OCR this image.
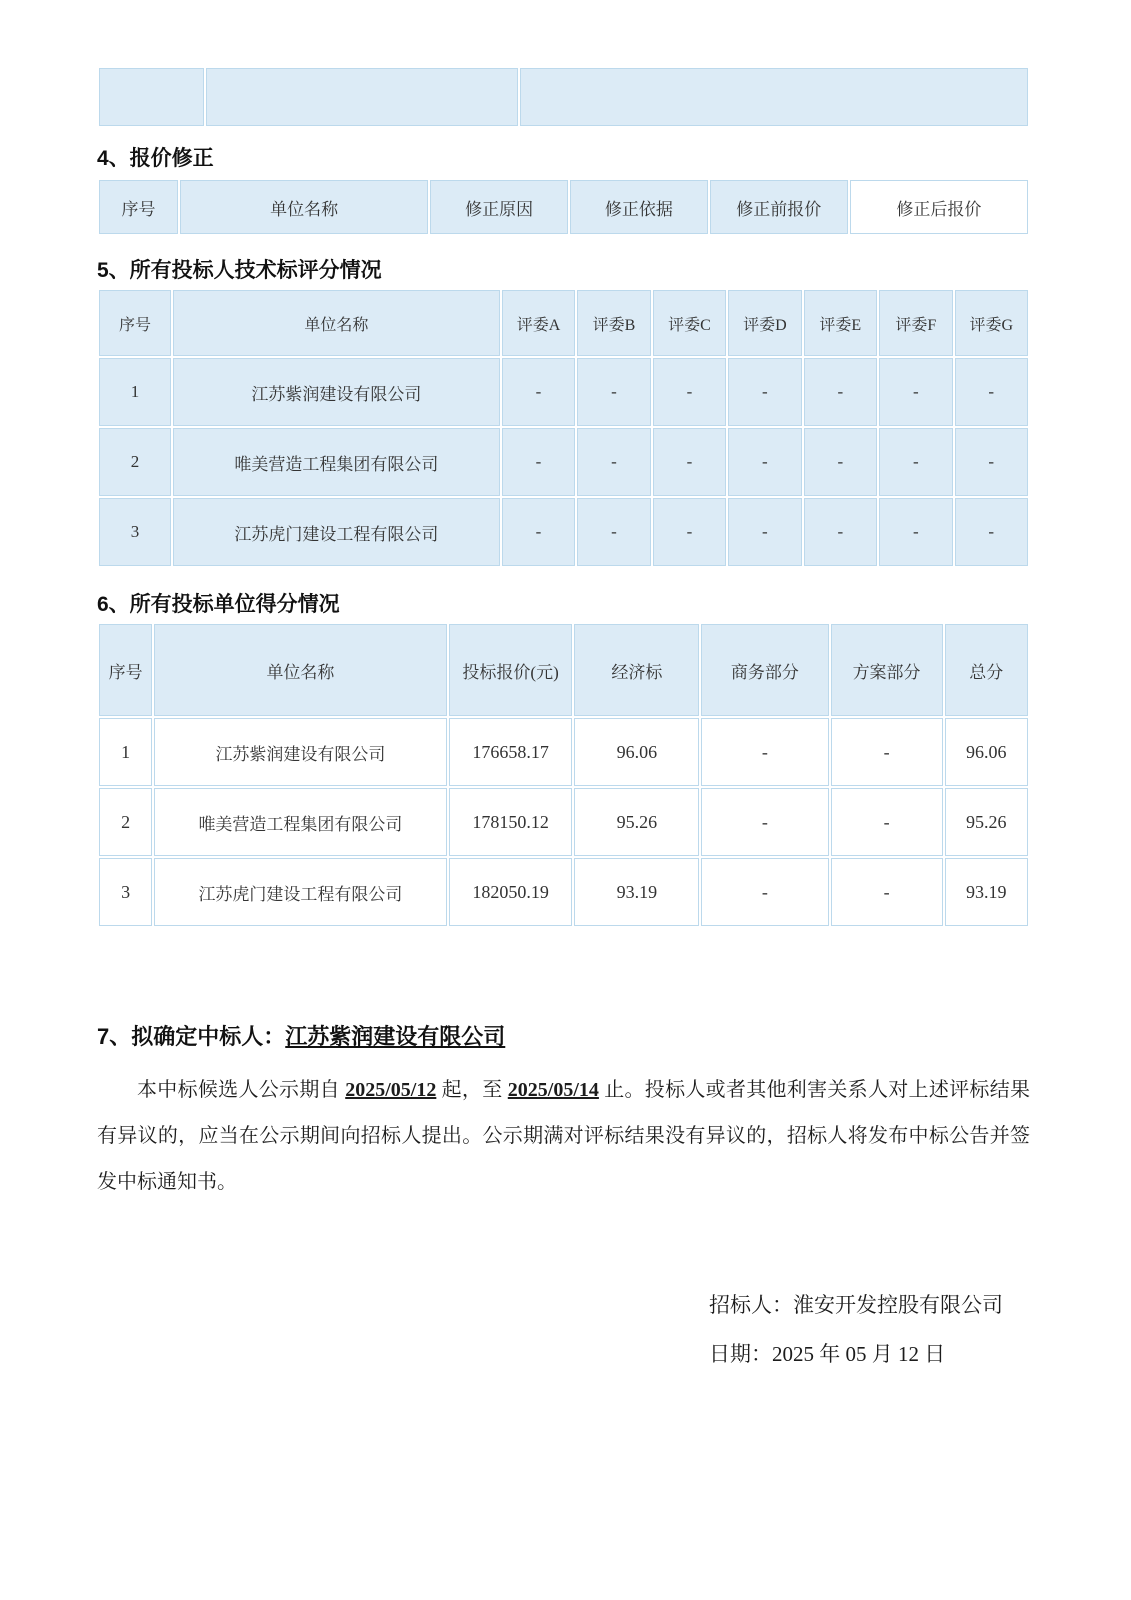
4、报价修正
序号	单位名称	修正原因	修正依据	修正前报价	修正后报价
5、所有投标人技术标评分情况
序号	单位名称	评委A	评委B	评委C	评委D	评委E	评委F	评委G
1	江苏紫润建设有限公司	-	-	-	-	-	-	-
2	唯美营造工程集团有限公司	-	-	-	-	-	-	-
3	江苏虎门建设工程有限公司	-	-	-	-	-	-	-
6、所有投标单位得分情况
序号	单位名称	投标报价(元)	经济标	商务部分	方案部分	总分
1	江苏紫润建设有限公司	176658.17	96.06	-	-	96.06
2	唯美营造工程集团有限公司	178150.12	95.26	-	-	95.26
3	江苏虎门建设工程有限公司	182050.19	93.19	-	-	93.19
7、拟确定中标人：江苏紫润建设有限公司

本中标候选人公示期自 2025/05/12 起，至 2025/05/14 止。投标人或者其他利害关系人对上述评标结果有异议的，应当在公示期间向招标人提出。公示期满对评标结果没有异议的，招标人将发布中标公告并签发中标通知书。

招标人：淮安开发控股有限公司
日期：2025 年 05 月 12 日
